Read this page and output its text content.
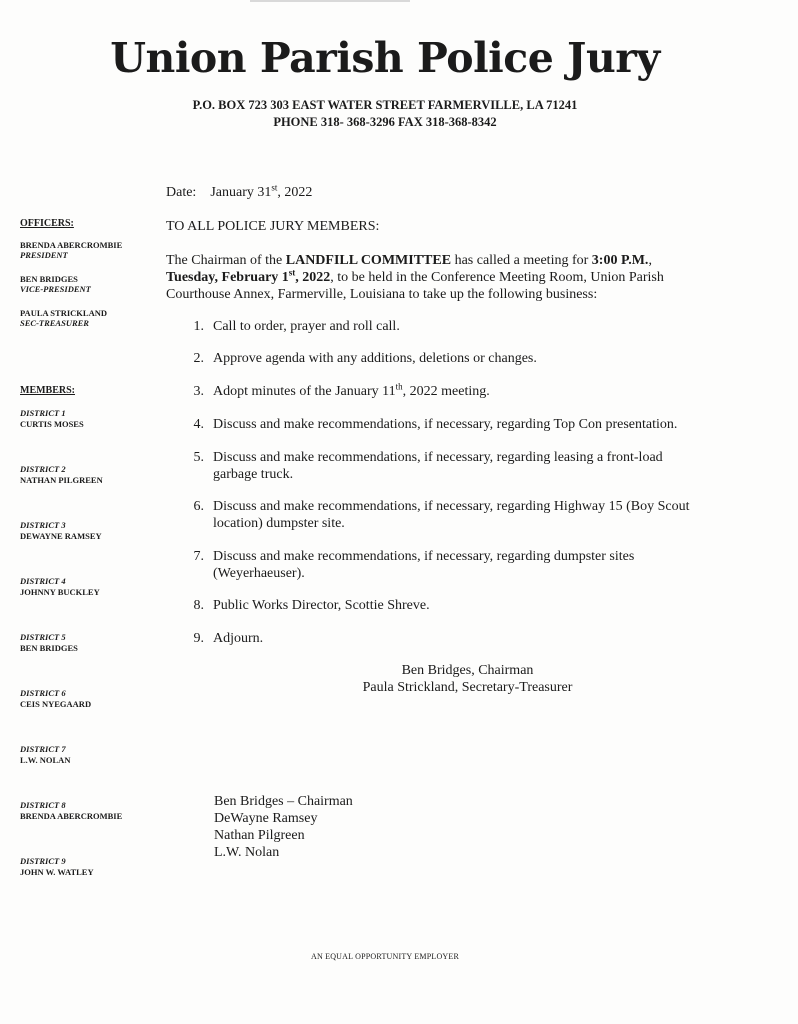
Union Parish Police Jury
P.O. BOX 723 303 EAST WATER STREET FARMERVILLE, LA 71241
PHONE 318- 368-3296 FAX 318-368-8342
Date: January 31st, 2022
TO ALL POLICE JURY MEMBERS:
The Chairman of the LANDFILL COMMITTEE has called a meeting for 3:00 P.M.,
Tuesday, February 1st, 2022, to be held in the Conference Meeting Room, Union Parish
Courthouse Annex, Farmerville, Louisiana to take up the following business:
1. Call to order, prayer and roll call.
2. Approve agenda with any additions, deletions or changes.
3. Adopt minutes of the January 11th, 2022 meeting.
4. Discuss and make recommendations, if necessary, regarding Top Con presentation.
5. Discuss and make recommendations, if necessary, regarding leasing a front-load
garbage truck.
6. Discuss and make recommendations, if necessary, regarding Highway 15 (Boy Scout
location) dumpster site.
7. Discuss and make recommendations, if necessary, regarding dumpster sites
(Weyerhaeuser).
8. Public Works Director, Scottie Shreve.
9. Adjourn.
Ben Bridges, Chairman
Paula Strickland, Secretary-Treasurer
Ben Bridges – Chairman
DeWayne Ramsey
Nathan Pilgreen
L.W. Nolan
OFFICERS:
BRENDA ABERCROMBIE
PRESIDENT
BEN BRIDGES
VICE-PRESIDENT
PAULA STRICKLAND
SEC-TREASURER
MEMBERS:
DISTRICT 1
CURTIS MOSES
DISTRICT 2
NATHAN PILGREEN
DISTRICT 3
DEWAYNE RAMSEY
DISTRICT 4
JOHNNY BUCKLEY
DISTRICT 5
BEN BRIDGES
DISTRICT 6
CEIS NYEGAARD
DISTRICT 7
L.W. NOLAN
DISTRICT 8
BRENDA ABERCROMBIE
DISTRICT 9
JOHN W. WATLEY
AN EQUAL OPPORTUNITY EMPLOYER
